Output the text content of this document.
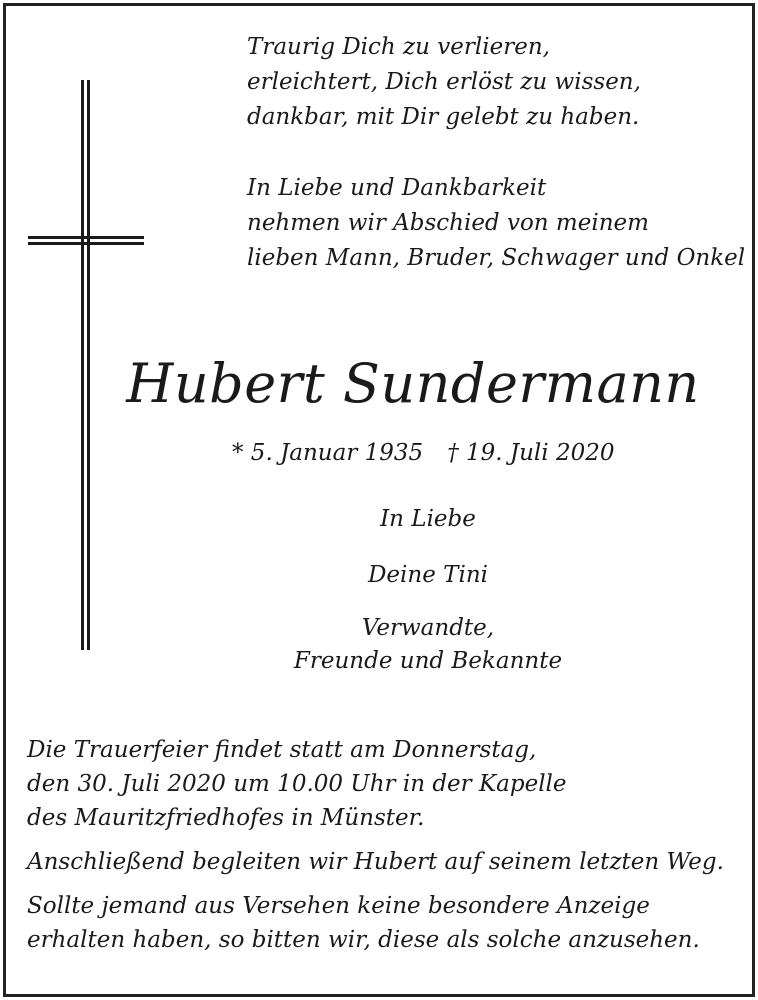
Traurig Dich zu verlieren,
erleichtert, Dich erlöst zu wissen,
dankbar, mit Dir gelebt zu haben.
In Liebe und Dankbarkeit
nehmen wir Abschied von meinem
lieben Mann, Bruder, Schwager und Onkel
Hubert Sundermann
* 5. Januar 1935 † 19. Juli 2020
In Liebe
Deine Tini
Verwandte,
Freunde und Bekannte
Die Trauerfeier findet statt am Donnerstag,
den 30. Juli 2020 um 10.00 Uhr in der Kapelle
des Mauritzfriedhofes in Münster.
Anschließend begleiten wir Hubert auf seinem letzten Weg.
Sollte jemand aus Versehen keine besondere Anzeige
erhalten haben, so bitten wir, diese als solche anzusehen.
